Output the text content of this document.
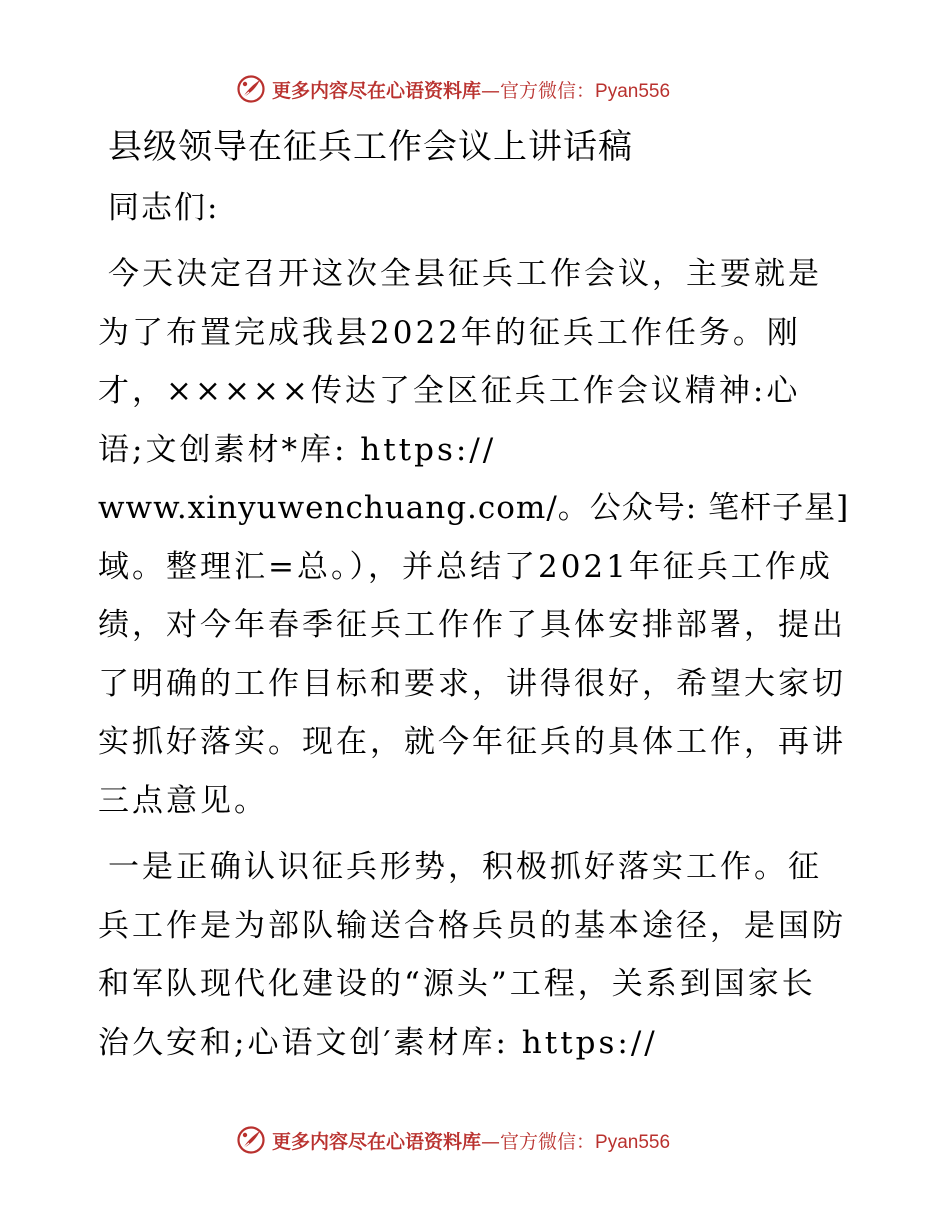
更多内容尽在心语资料库—官方微信：Pyan556
县级领导在征兵工作会议上讲话稿

同志们:

今天决定召开这次全县征兵工作会议，主要就是
为了布置完成我县2022年的征兵工作任务。刚
才，×××××传达了全区征兵工作会议精神:心
语;文创素材*库: https://
www.xinyuwenchuang.com/。公众号: 笔杆子星]
域。整理汇=总。），并总结了2021年征兵工作成
绩，对今年春季征兵工作作了具体安排部署，提出
了明确的工作目标和要求，讲得很好，希望大家切
实抓好落实。现在，就今年征兵的具体工作，再讲
三点意见。

一是正确认识征兵形势，积极抓好落实工作。征
兵工作是为部队输送合格兵员的基本途径，是国防
和军队现代化建设的“源头”工程，关系到国家长
治久安和;心语文创′素材库: https://

更多内容尽在心语资料库—官方微信：Pyan556
